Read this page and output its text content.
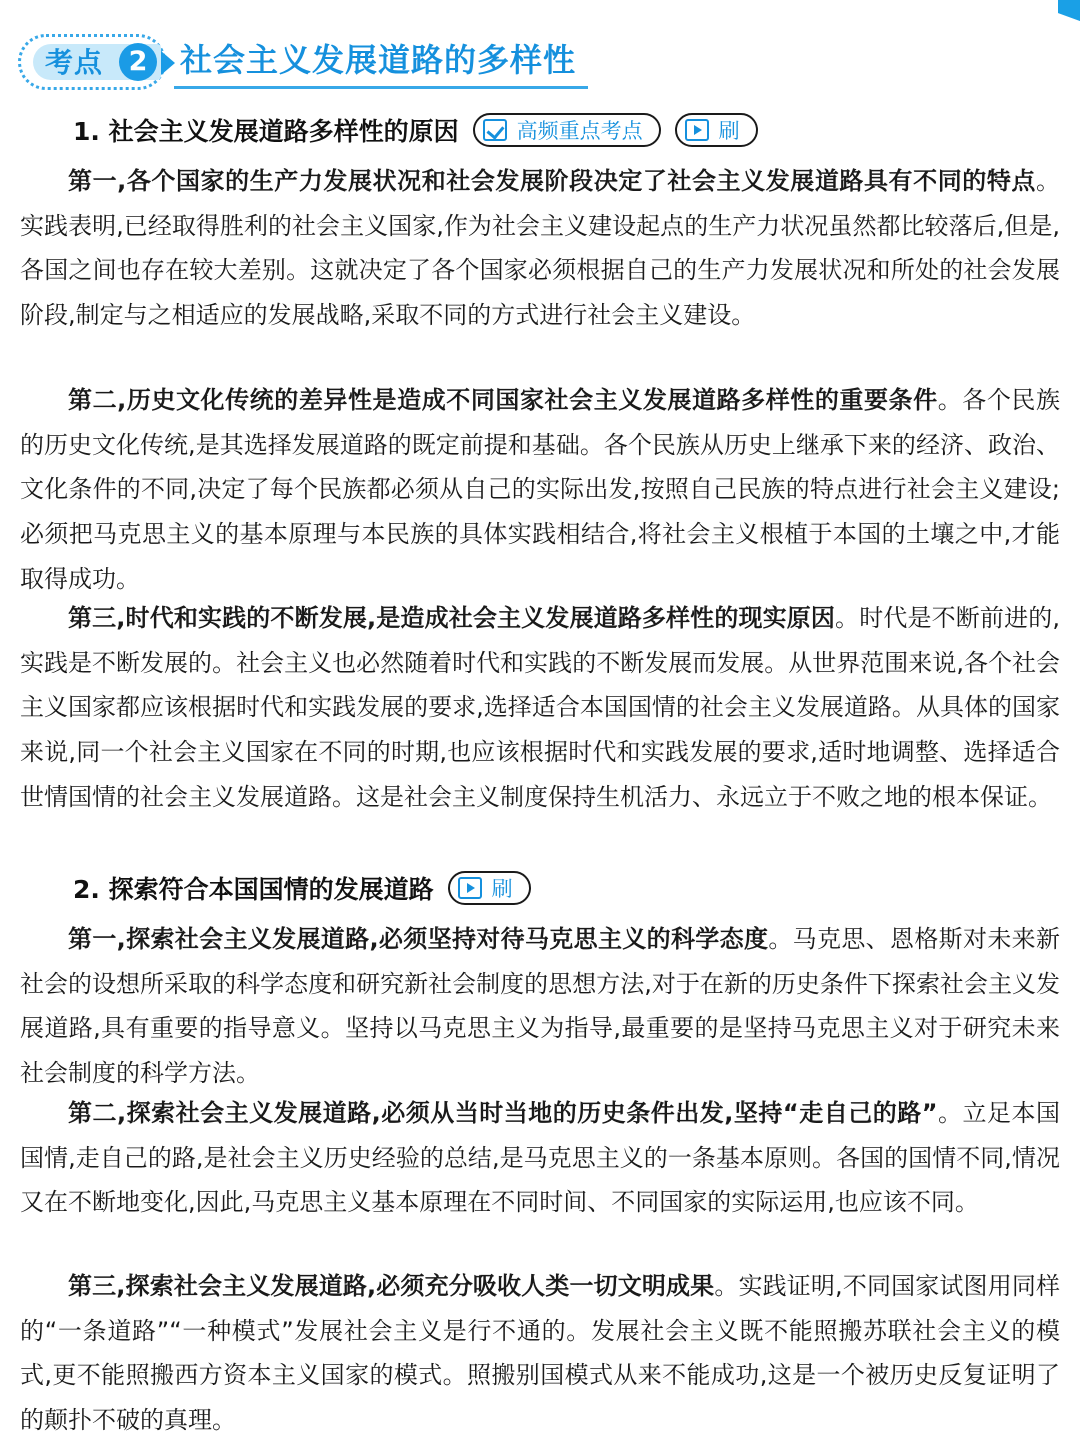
考点 2	社会主义发展道路的多样性
1. 社会主义发展道路多样性的原因	高频重点考点	刷

第一,各个国家的生产力发展状况和社会发展阶段决定了社会主义发展道路具有不同的特点。实践表明,已经取得胜利的社会主义国家,作为社会主义建设起点的生产力状况虽然都比较落后,但是,各国之间也存在较大差别。这就决定了各个国家必须根据自己的生产力发展状况和所处的社会发展阶段,制定与之相适应的发展战略,采取不同的方式进行社会主义建设。

第二,历史文化传统的差异性是造成不同国家社会主义发展道路多样性的重要条件。各个民族的历史文化传统,是其选择发展道路的既定前提和基础。各个民族从历史上继承下来的经济、政治、文化条件的不同,决定了每个民族都必须从自己的实际出发,按照自己民族的特点进行社会主义建设;必须把马克思主义的基本原理与本民族的具体实践相结合,将社会主义根植于本国的土壤之中,才能取得成功。

第三,时代和实践的不断发展,是造成社会主义发展道路多样性的现实原因。时代是不断前进的,实践是不断发展的。社会主义也必然随着时代和实践的不断发展而发展。从世界范围来说,各个社会主义国家都应该根据时代和实践发展的要求,选择适合本国国情的社会主义发展道路。从具体的国家来说,同一个社会主义国家在不同的时期,也应该根据时代和实践发展的要求,适时地调整、选择适合世情国情的社会主义发展道路。这是社会主义制度保持生机活力、永远立于不败之地的根本保证。

2. 探索符合本国国情的发展道路	刷

第一,探索社会主义发展道路,必须坚持对待马克思主义的科学态度。马克思、恩格斯对未来新社会的设想所采取的科学态度和研究新社会制度的思想方法,对于在新的历史条件下探索社会主义发展道路,具有重要的指导意义。坚持以马克思主义为指导,最重要的是坚持马克思主义对于研究未来社会制度的科学方法。

第二,探索社会主义发展道路,必须从当时当地的历史条件出发,坚持“走自己的路”。立足本国国情,走自己的路,是社会主义历史经验的总结,是马克思主义的一条基本原则。各国的国情不同,情况又在不断地变化,因此,马克思主义基本原理在不同时间、不同国家的实际运用,也应该不同。

第三,探索社会主义发展道路,必须充分吸收人类一切文明成果。实践证明,不同国家试图用同样的“一条道路”“一种模式”发展社会主义是行不通的。发展社会主义既不能照搬苏联社会主义的模式,更不能照搬西方资本主义国家的模式。照搬别国模式从来不能成功,这是一个被历史反复证明了的颠扑不破的真理。
